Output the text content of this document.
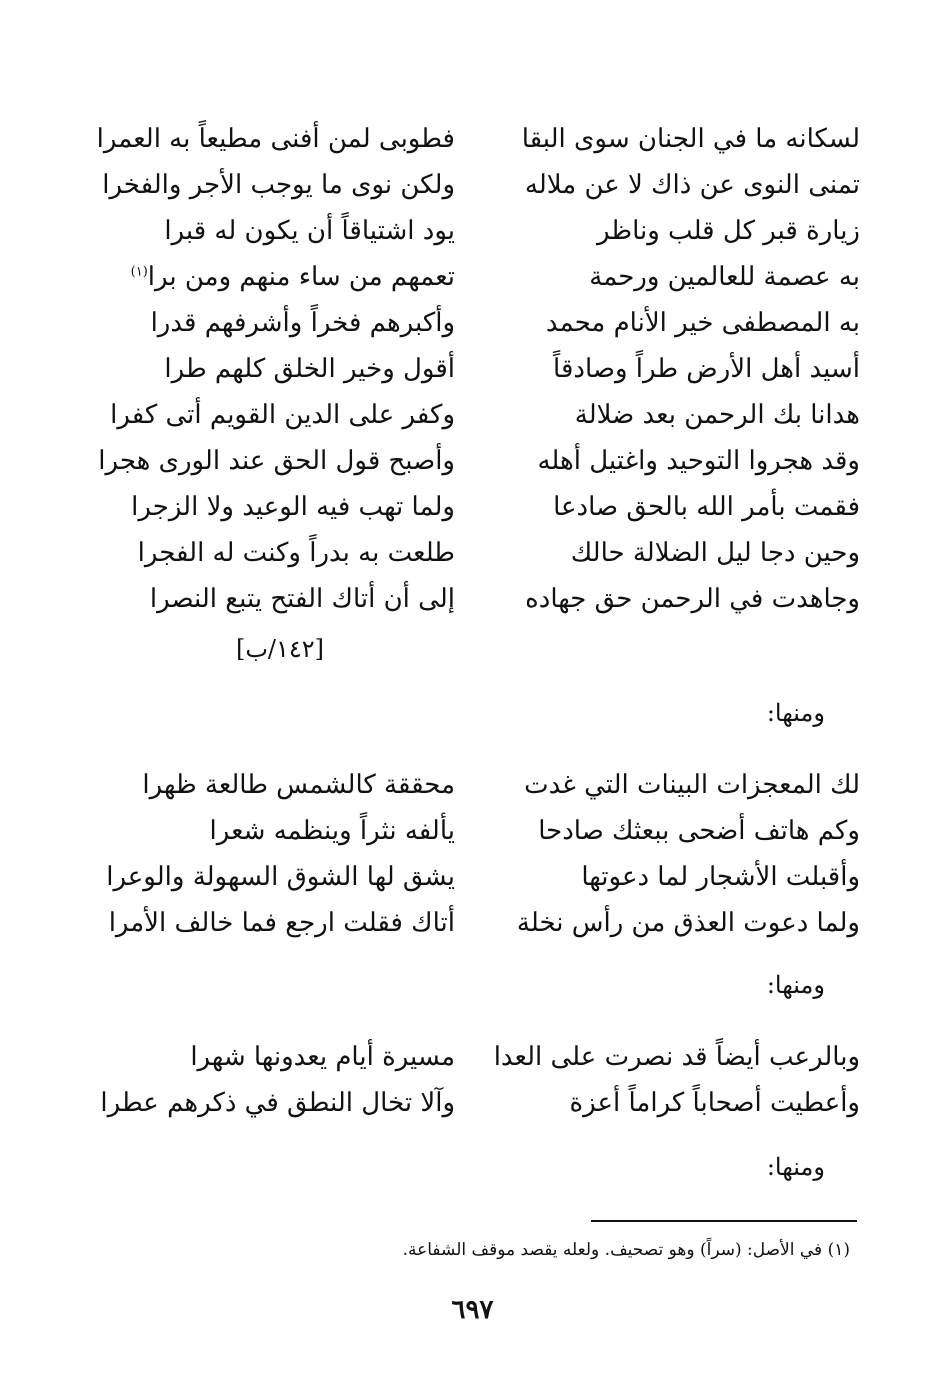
لسكانه ما في الجنان سوى البقا
فطوبى لمن أفنى مطيعاً به العمرا
تمنى النوى عن ذاك لا عن ملاله
ولكن نوى ما يوجب الأجر والفخرا
زيارة قبر كل قلب وناظر
يود اشتياقاً أن يكون له قبرا
به عصمة للعالمين ورحمة
تعمهم من ساء منهم ومن برا$^{(١)}$
به المصطفى خير الأنام محمد
وأكبرهم فخراً وأشرفهم قدرا
أسيد أهل الأرض طراً وصادقاً
أقول وخير الخلق كلهم طرا
هدانا بك الرحمن بعد ضلالة
وكفر على الدين القويم أتى كفرا
وقد هجروا التوحيد واغتيل أهله
وأصبح قول الحق عند الورى هجرا
فقمت بأمر الله بالحق صادعا
ولما تهب فيه الوعيد ولا الزجرا
وحين دجا ليل الضلالة حالك
طلعت به بدراً وكنت له الفجرا
وجاهدت في الرحمن حق جهاده
إلى أن أتاك الفتح يتبع النصرا
[١٤٢/ب]
ومنها:
لك المعجزات البينات التي غدت
محققة كالشمس طالعة ظهرا
وكم هاتف أضحى ببعثك صادحا
يألفه نثراً وينظمه شعرا
وأقبلت الأشجار لما دعوتها
يشق لها الشوق السهولة والوعرا
ولما دعوت العذق من رأس نخلة
أتاك فقلت ارجع فما خالف الأمرا
ومنها:
وبالرعب أيضاً قد نصرت على العدا
مسيرة أيام يعدونها شهرا
وأعطيت أصحاباً كراماً أعزة
وآلا تخال النطق في ذكرهم عطرا
ومنها:
(١) في الأصل: (سراً) وهو تصحيف. ولعله يقصد موقف الشفاعة.
٦٩٧
